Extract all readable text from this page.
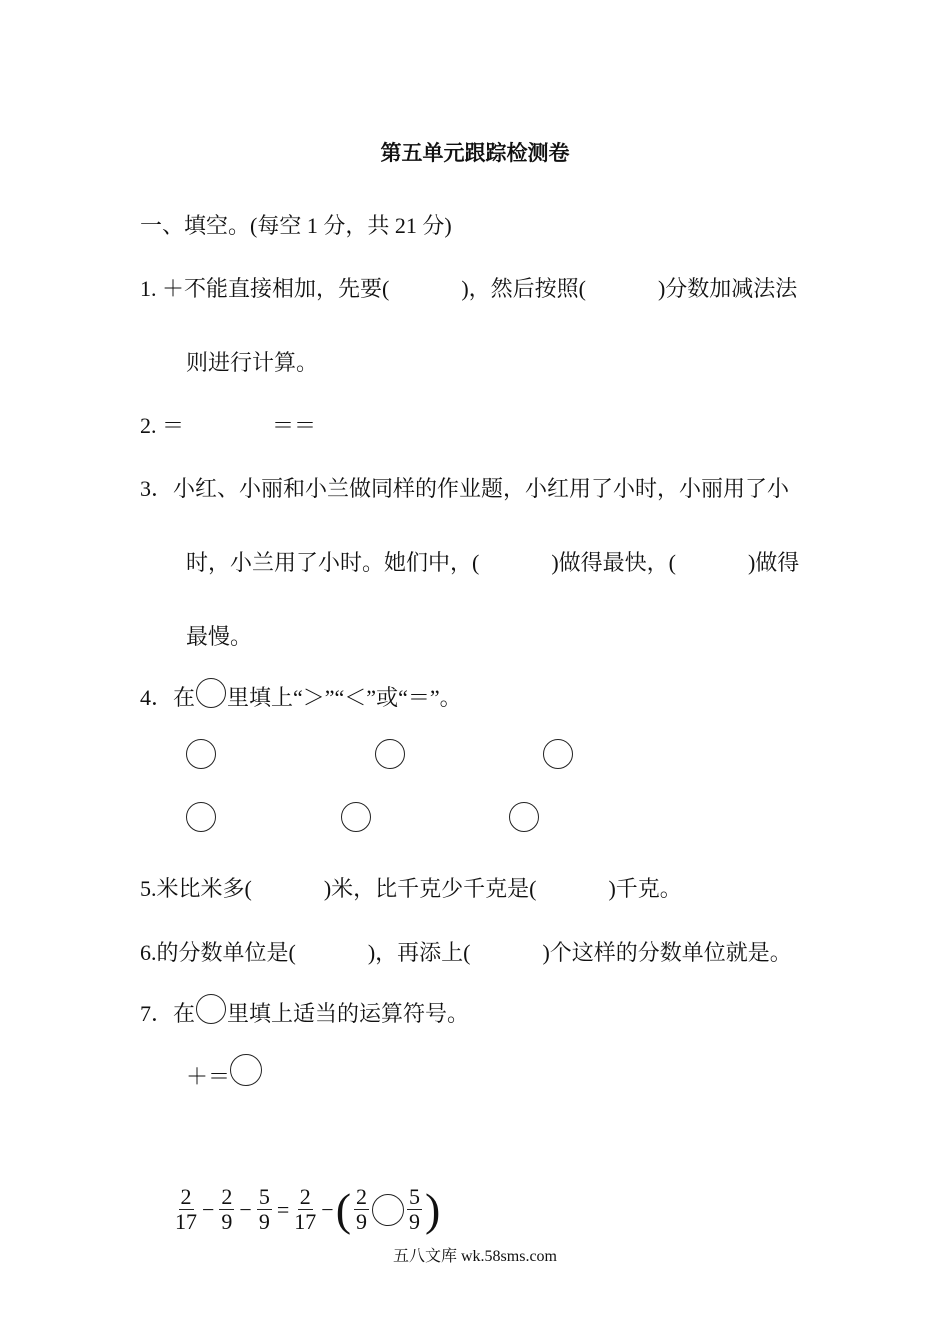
第五单元跟踪检测卷
一、填空。(每空 1 分，共 21 分)
1. ＋不能直接相加，先要(	)，然后按照(	)分数加减法法
则进行计算。
2. ＝	＝＝
3．小红、小丽和小兰做同样的作业题，小红用了小时，小丽用了小
时，小兰用了小时。她们中，(	)做得最快，(	)做得
最慢。
4．在 里填上“＞”“＜”或“＝”。
5.米比米多(	)米，比千克少千克是(	)千克。
6.的分数单位是(	)，再添上(	)个这样的分数单位就是。
7．在 里填上适当的运算符号。
＋＝

$\frac{2}{17} - \frac{2}{9} - \frac{5}{9} = \frac{2}{17}$ −( $\frac{2}{9} \frac{5}{9}$ )

五八文库 wk.58sms.com
